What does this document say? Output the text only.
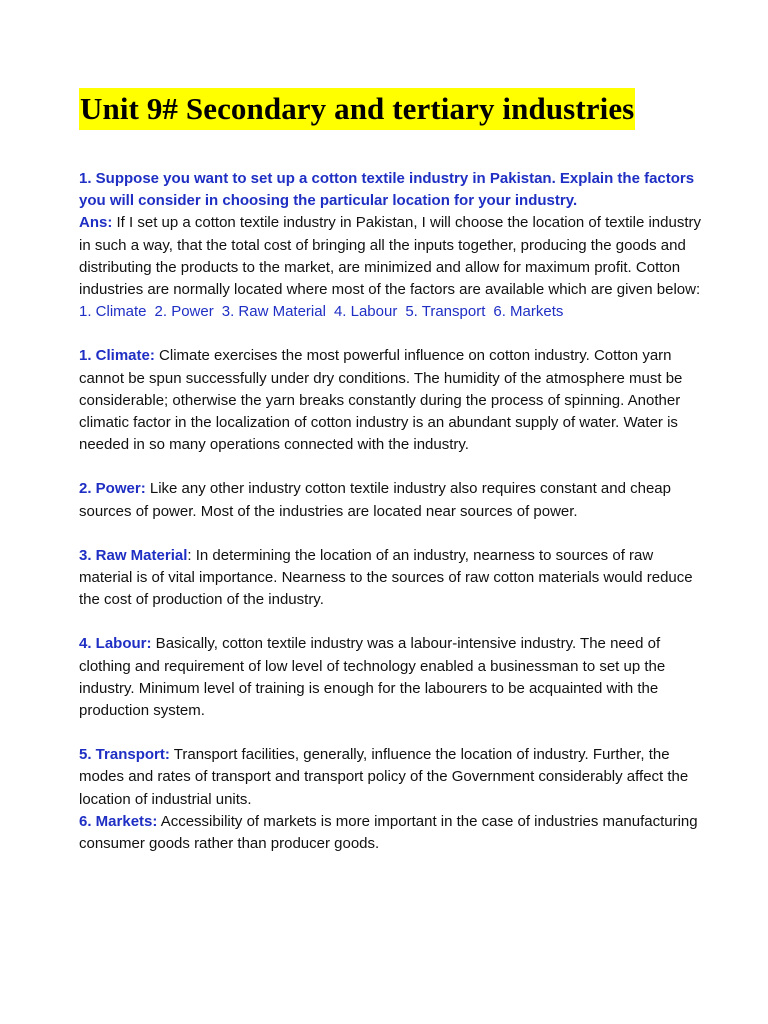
Unit 9# Secondary and tertiary industries

1. Suppose you want to set up a cotton textile industry in Pakistan. Explain the factors you will consider in choosing the particular location for your industry.
Ans: If I set up a cotton textile industry in Pakistan, I will choose the location of textile industry in such a way, that the total cost of bringing all the inputs together, producing the goods and distributing the products to the market, are minimized and allow for maximum profit. Cotton industries are normally located where most of the factors are available which are given below:
1. Climate 2. Power 3. Raw Material 4. Labour 5. Transport 6. Markets

1. Climate: Climate exercises the most powerful influence on cotton industry. Cotton yarn cannot be spun successfully under dry conditions. The humidity of the atmosphere must be considerable; otherwise the yarn breaks constantly during the process of spinning. Another climatic factor in the localization of cotton industry is an abundant supply of water. Water is needed in so many operations connected with the industry.

2. Power: Like any other industry cotton textile industry also requires constant and cheap sources of power. Most of the industries are located near sources of power.

3. Raw Material: In determining the location of an industry, nearness to sources of raw material is of vital importance. Nearness to the sources of raw cotton materials would reduce the cost of production of the industry.

4. Labour: Basically, cotton textile industry was a labour-intensive industry. The need of clothing and requirement of low level of technology enabled a businessman to set up the industry. Minimum level of training is enough for the labourers to be acquainted with the production system.

5. Transport: Transport facilities, generally, influence the location of industry. Further, the modes and rates of transport and transport policy of the Government considerably affect the location of industrial units.
6. Markets: Accessibility of markets is more important in the case of industries manufacturing consumer goods rather than producer goods.
